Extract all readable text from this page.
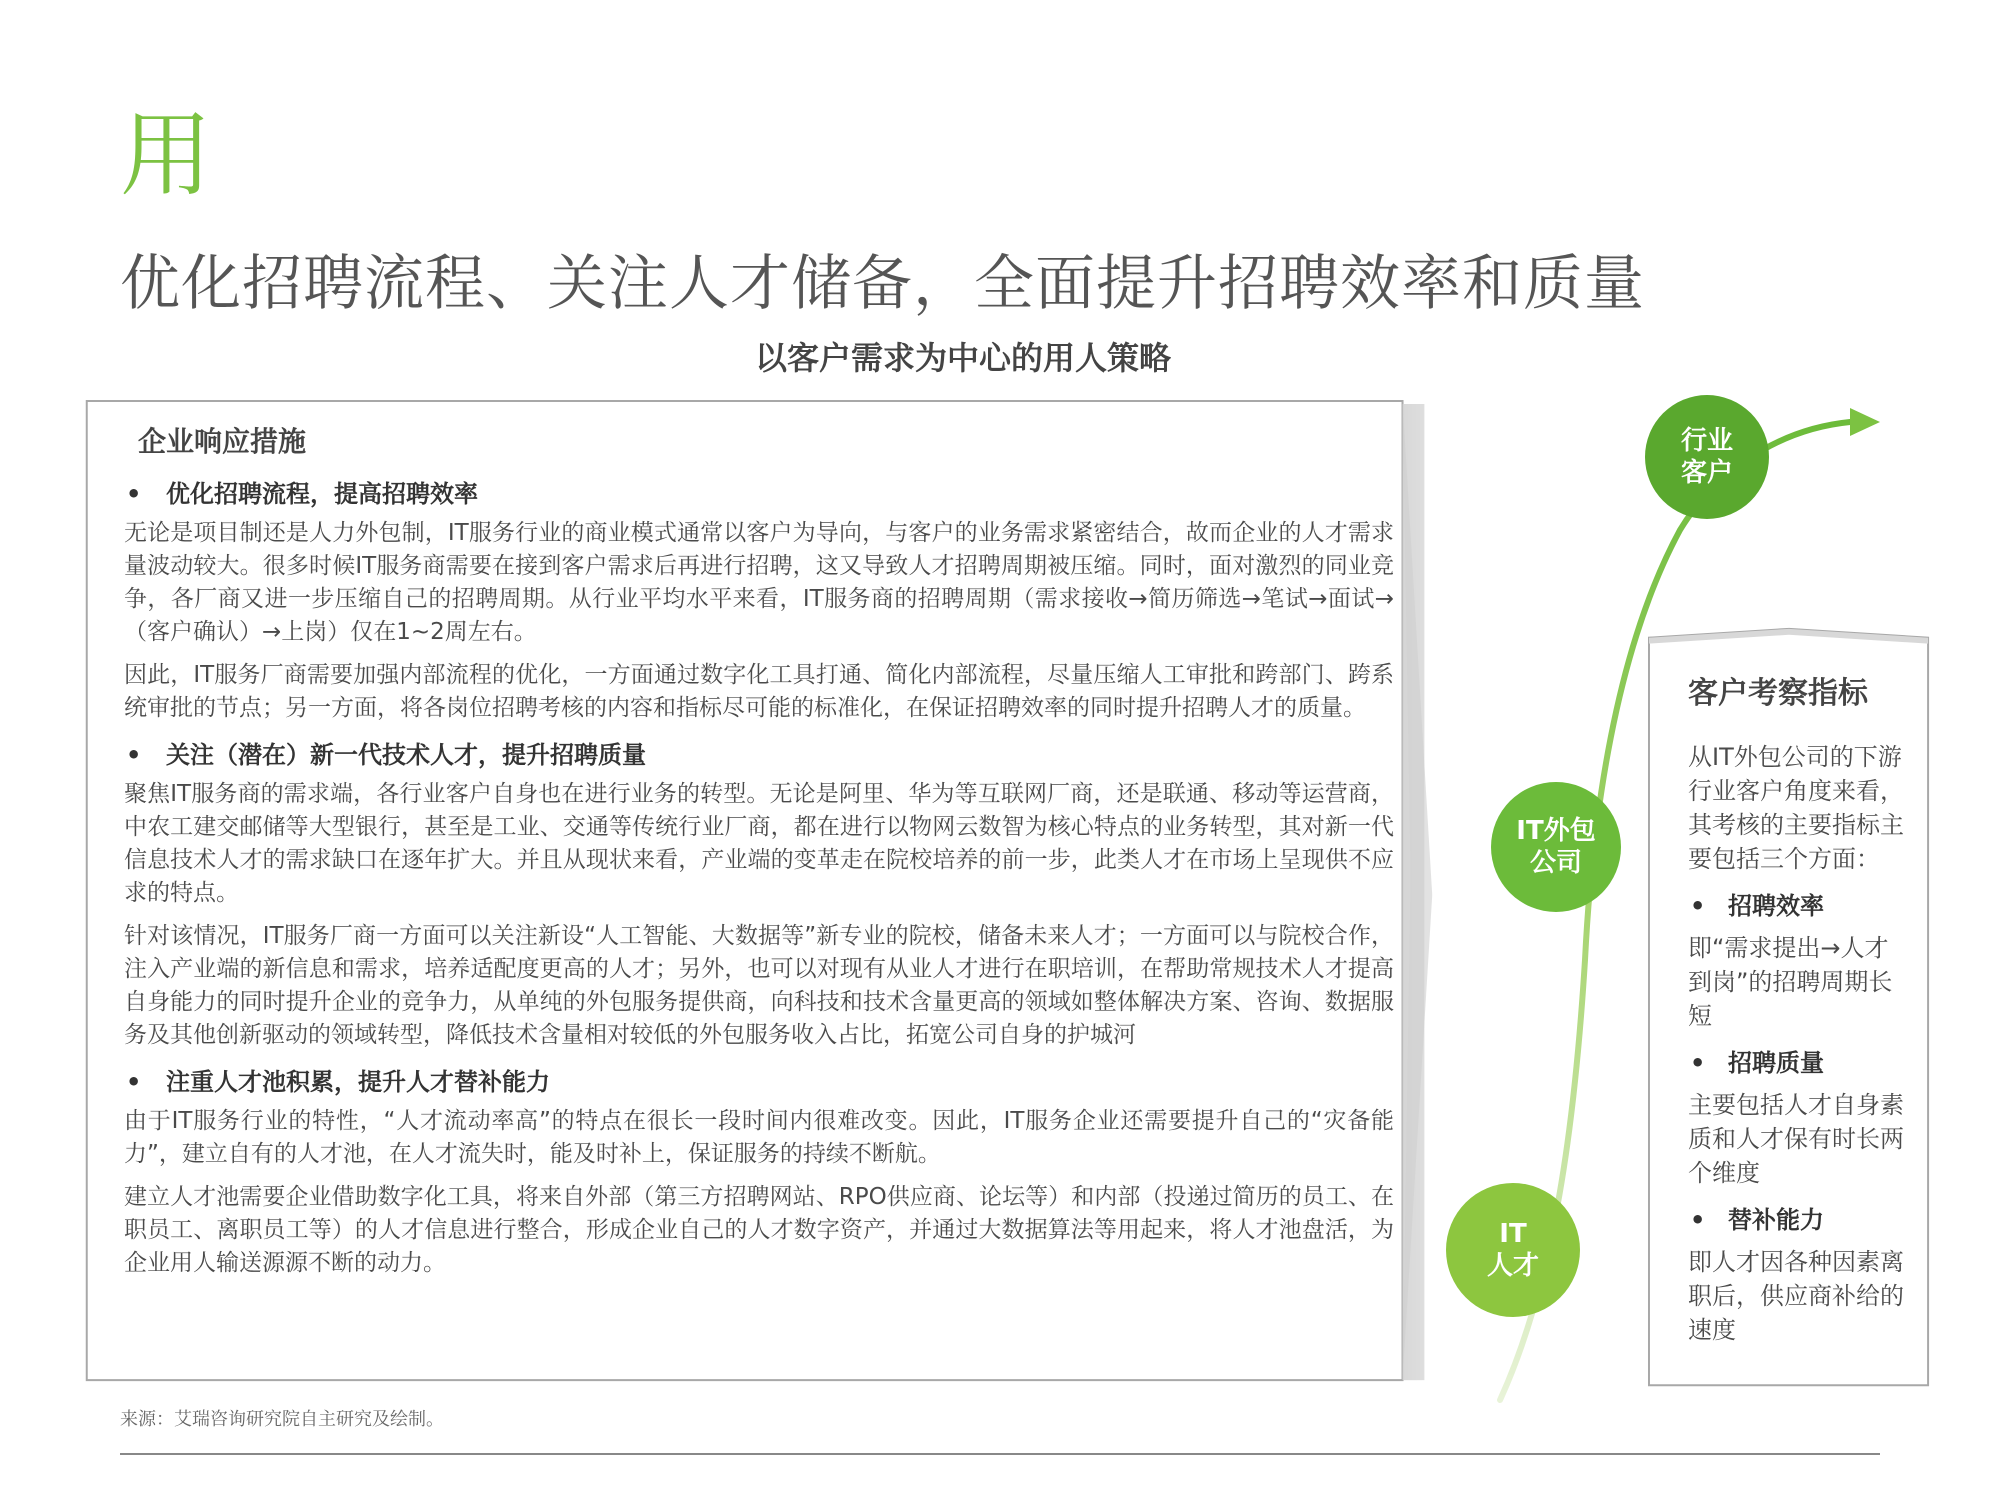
用
优化招聘流程、关注人才储备，全面提升招聘效率和质量
以客户需求为中心的用人策略
企业响应措施
• 优化招聘流程，提高招聘效率

无论是项目制还是人力外包制，IT服务行业的商业模式通常以客户为导向，与客户的业务需求紧密结合，故而企业的人才需求量波动较大。很多时候IT服务商需要在接到客户需求后再进行招聘，这又导致人才招聘周期被压缩。同时，面对激烈的同业竞争，各厂商又进一步压缩自己的招聘周期。从行业平均水平来看，IT服务商的招聘周期（需求接收→简历筛选→笔试→面试→（客户确认）→上岗）仅在1~2周左右。

因此，IT服务厂商需要加强内部流程的优化，一方面通过数字化工具打通、简化内部流程，尽量压缩人工审批和跨部门、跨系统审批的节点；另一方面，将各岗位招聘考核的内容和指标尽可能的标准化，在保证招聘效率的同时提升招聘人才的质量。

• 关注（潜在）新一代技术人才，提升招聘质量

聚焦IT服务商的需求端，各行业客户自身也在进行业务的转型。无论是阿里、华为等互联网厂商，还是联通、移动等运营商，中农工建交邮储等大型银行，甚至是工业、交通等传统行业厂商，都在进行以物网云数智为核心特点的业务转型，其对新一代信息技术人才的需求缺口在逐年扩大。并且从现状来看，产业端的变革走在院校培养的前一步，此类人才在市场上呈现供不应求的特点。

针对该情况，IT服务厂商一方面可以关注新设“人工智能、大数据等”新专业的院校，储备未来人才；一方面可以与院校合作，注入产业端的新信息和需求，培养适配度更高的人才；另外，也可以对现有从业人才进行在职培训，在帮助常规技术人才提高自身能力的同时提升企业的竞争力，从单纯的外包服务提供商，向科技和技术含量更高的领域如整体解决方案、咨询、数据服务及其他创新驱动的领域转型，降低技术含量相对较低的外包服务收入占比，拓宽公司自身的护城河

• 注重人才池积累，提升人才替补能力

由于IT服务行业的特性，“人才流动率高”的特点在很长一段时间内很难改变。因此，IT服务企业还需要提升自己的“灾备能力”，建立自有的人才池，在人才流失时，能及时补上，保证服务的持续不断航。

建立人才池需要企业借助数字化工具，将来自外部（第三方招聘网站、RPO供应商、论坛等）和内部（投递过简历的员工、在职员工、离职员工等）的人才信息进行整合，形成企业自己的人才数字资产，并通过大数据算法等用起来，将人才池盘活，为企业用人输送源源不断的动力。

行业
客户
IT外包
公司
IT
人才
客户考察指标
从IT外包公司的下游行业客户角度来看，其考核的主要指标主要包括三个方面：
• 招聘效率
即“需求提出→人才到岗”的招聘周期长短
• 招聘质量
主要包括人才自身素质和人才保有时长两个维度
• 替补能力
即人才因各种因素离职后，供应商补给的速度
来源：艾瑞咨询研究院自主研究及绘制。
